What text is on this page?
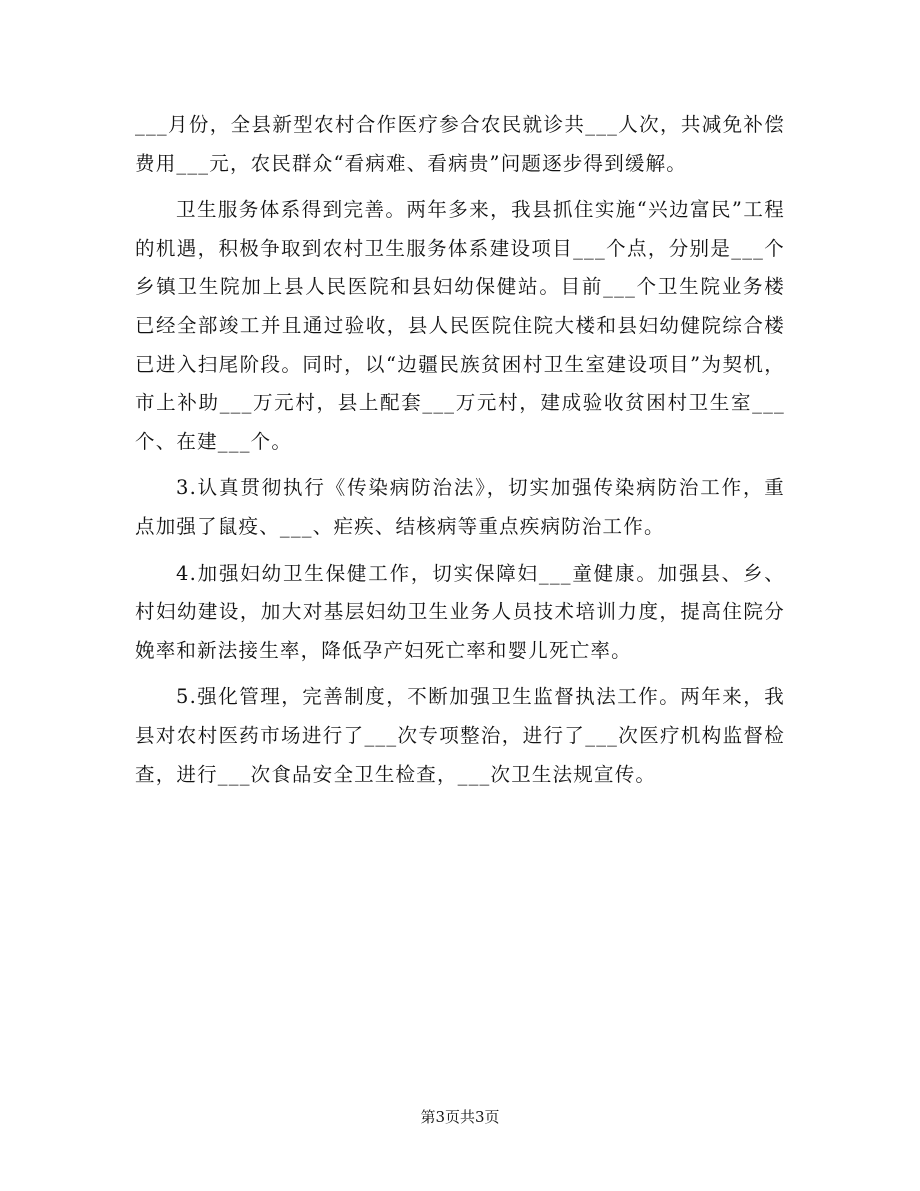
___月份，全县新型农村合作医疗参合农民就诊共___人次，共减免补偿费用___元，农民群众“看病难、看病贵”问题逐步得到缓解。

卫生服务体系得到完善。两年多来，我县抓住实施“兴边富民”工程的机遇，积极争取到农村卫生服务体系建设项目___个点，分别是___个乡镇卫生院加上县人民医院和县妇幼保健站。目前___个卫生院业务楼已经全部竣工并且通过验收，县人民医院住院大楼和县妇幼健院综合楼已进入扫尾阶段。同时，以“边疆民族贫困村卫生室建设项目”为契机，市上补助___万元村，县上配套___万元村，建成验收贫困村卫生室___个、在建___个。

3.认真贯彻执行《传染病防治法》，切实加强传染病防治工作，重点加强了鼠疫、___、疟疾、结核病等重点疾病防治工作。

4.加强妇幼卫生保健工作，切实保障妇___童健康。加强县、乡、村妇幼建设，加大对基层妇幼卫生业务人员技术培训力度，提高住院分娩率和新法接生率，降低孕产妇死亡率和婴儿死亡率。

5.强化管理，完善制度，不断加强卫生监督执法工作。两年来，我县对农村医药市场进行了___次专项整治，进行了___次医疗机构监督检查，进行___次食品安全卫生检查，___次卫生法规宣传。

第3页共3页
